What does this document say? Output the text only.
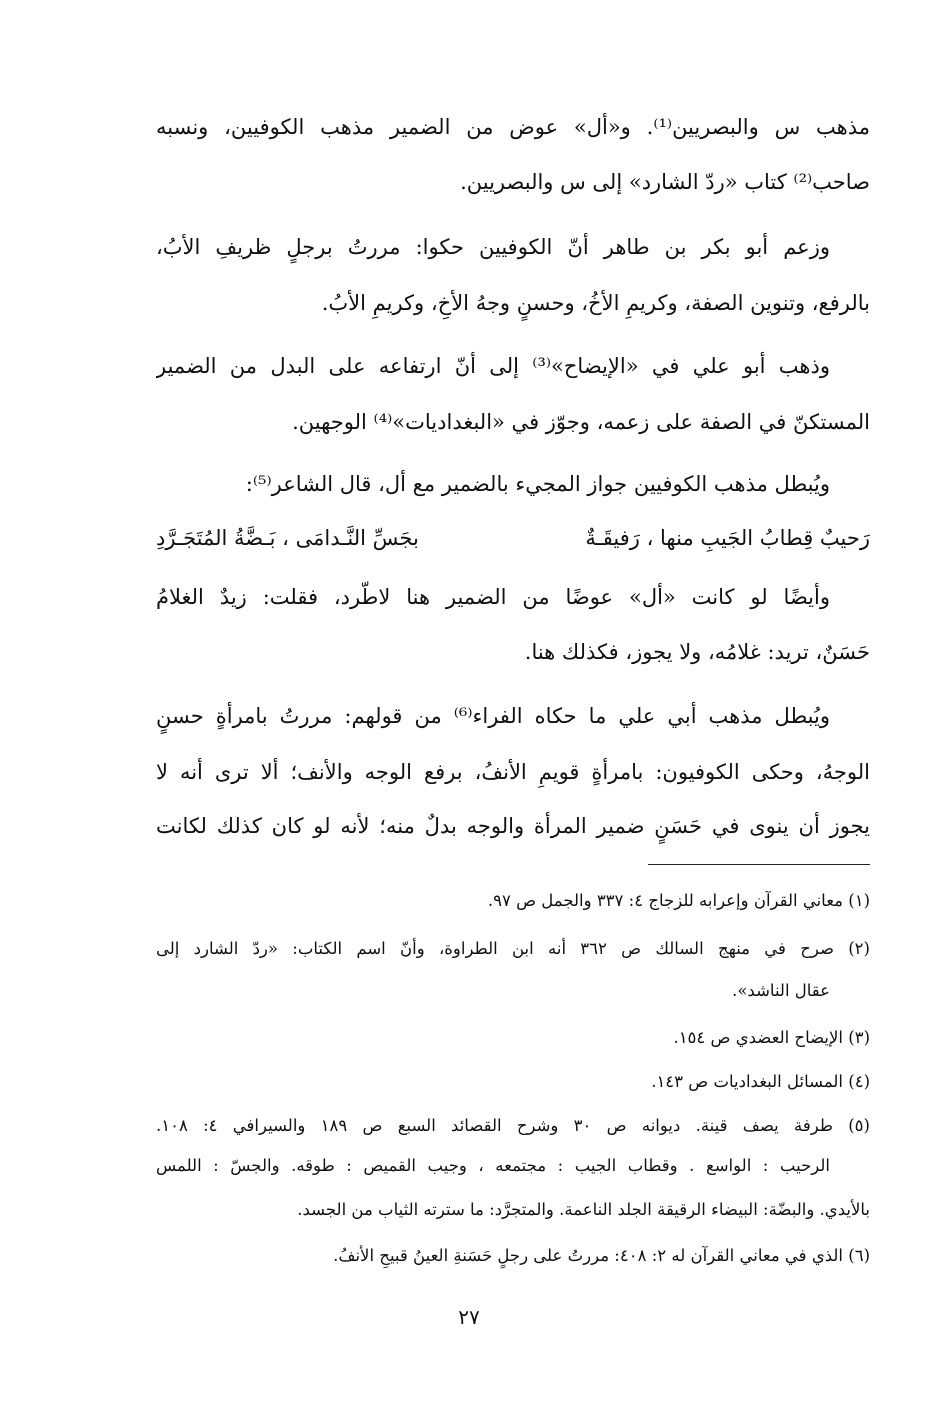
مذهب س والبصريين⁽¹⁾. و«أل» عوض من الضمير مذهب الكوفيين، ونسبه
صاحب⁽²⁾ كتاب «ردّ الشارد» إلى س والبصريين.
وزعم أبو بكر بن طاهر أنّ الكوفيين حكوا: مررتُ برجلٍ ظريفِ الأبُ،
بالرفع، وتنوين الصفة، وكريمِ الأخُ، وحسنٍ وجهُ الأخِ، وكريمِ الأبُ.
وذهب أبو علي في «الإيضاح»⁽³⁾ إلى أنّ ارتفاعه على البدل من الضمير
المستكنّ في الصفة على زعمه، وجوّز في «البغداديات»⁽⁴⁾ الوجهين.
ويُبطل مذهب الكوفيين جواز المجيء بالضمير مع أل، قال الشاعر⁽⁵⁾:
رَحيبٌ قِطابُ الجَيبِ منها ، رَفيقَـةٌ
بجَسِّ النَّـدامَى ، بَـضَّةُ المُتَجَـرَّدِ
وأيضًا لو كانت «أل» عوضًا من الضمير هنا لاطّرد، فقلت: زيدٌ الغلامُ
حَسَنٌ، تريد: غلامُه، ولا يجوز، فكذلك هنا.
ويُبطل مذهب أبي علي ما حكاه الفراء⁽⁶⁾ من قولهم: مررتُ بامرأةٍ حسنٍ
الوجهُ، وحكى الكوفيون: بامرأةٍ قويمِ الأنفُ، برفع الوجه والأنف؛ ألا ترى أنه لا
يجوز أن ينوى في حَسَنٍ ضمير المرأة والوجه بدلٌ منه؛ لأنه لو كان كذلك لكانت
(١) معاني القرآن وإعرابه للزجاج ٤: ٣٣٧ والجمل ص ٩٧.
(٢) صرح في منهج السالك ص ٣٦٢ أنه ابن الطراوة، وأنّ اسم الكتاب: «ردّ الشارد إلى
عقال الناشد».
(٣) الإيضاح العضدي ص ١٥٤.
(٤) المسائل البغداديات ص ١٤٣.
(٥) طرفة يصف قينة. ديوانه ص ٣٠ وشرح القصائد السبع ص ١٨٩ والسيرافي ٤: ١٠٨.
الرحيب : الواسع . وقطاب الجيب : مجتمعه ، وجيب القميص : طوقه. والجسّ : اللمس
بالأيدي. والبضّة: البيضاء الرقيقة الجلد الناعمة. والمتجرَّد: ما سترته الثياب من الجسد.
(٦) الذي في معاني القرآن له ٢: ٤٠٨: مررتُ على رجلٍ حَسَنةِ العينُ قبيحِ الأنفُ.
٢٧
